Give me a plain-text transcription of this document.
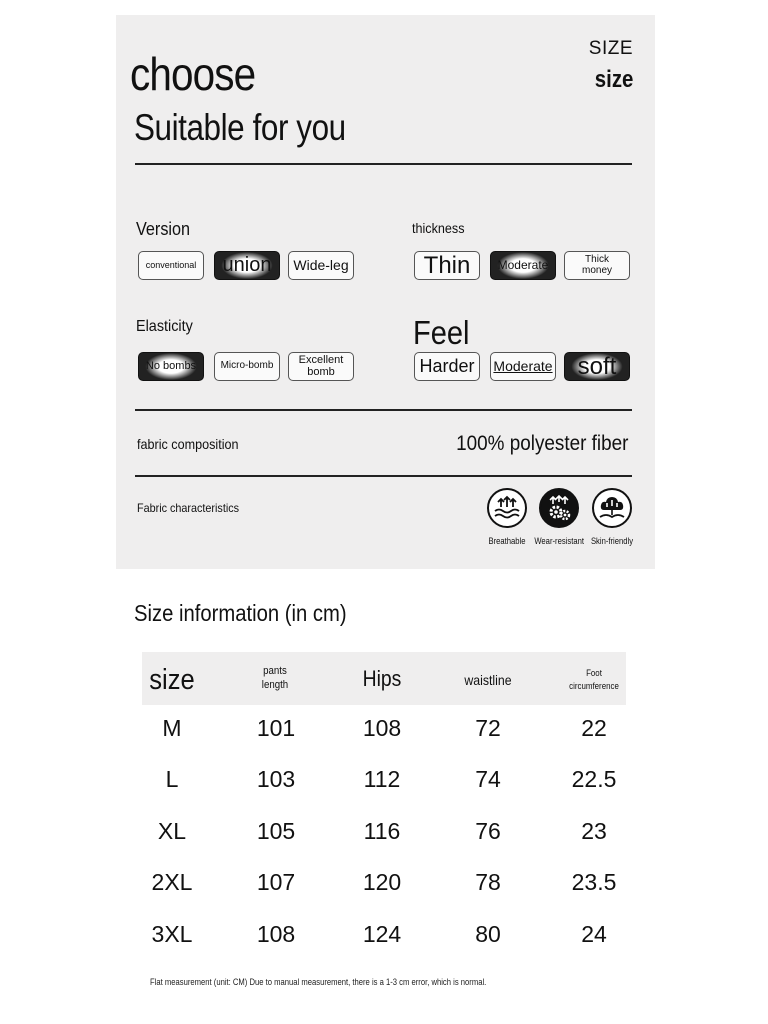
choose
Suitable for you
SIZE
size
Version
conventional union Wide-leg
thickness
Thin Moderate	Thick money
Elasticity
No bombs Micro-bomb Excellent bomb
Feel
Harder Moderate soft
fabric composition	100% polyester fiber
Fabric characteristics
Breathable Wear-resistant Skin-friendly
Size information (in cm)
size	pants length	Hips	waistline	Foot circumference
M	101	108	72	22
L	103	112	74	22.5
XL	105	116	76	23
2XL	107	120	78	23.5
3XL	108	124	80	24
Flat measurement (unit: CM) Due to manual measurement, there is a 1-3 cm error, which is normal.
